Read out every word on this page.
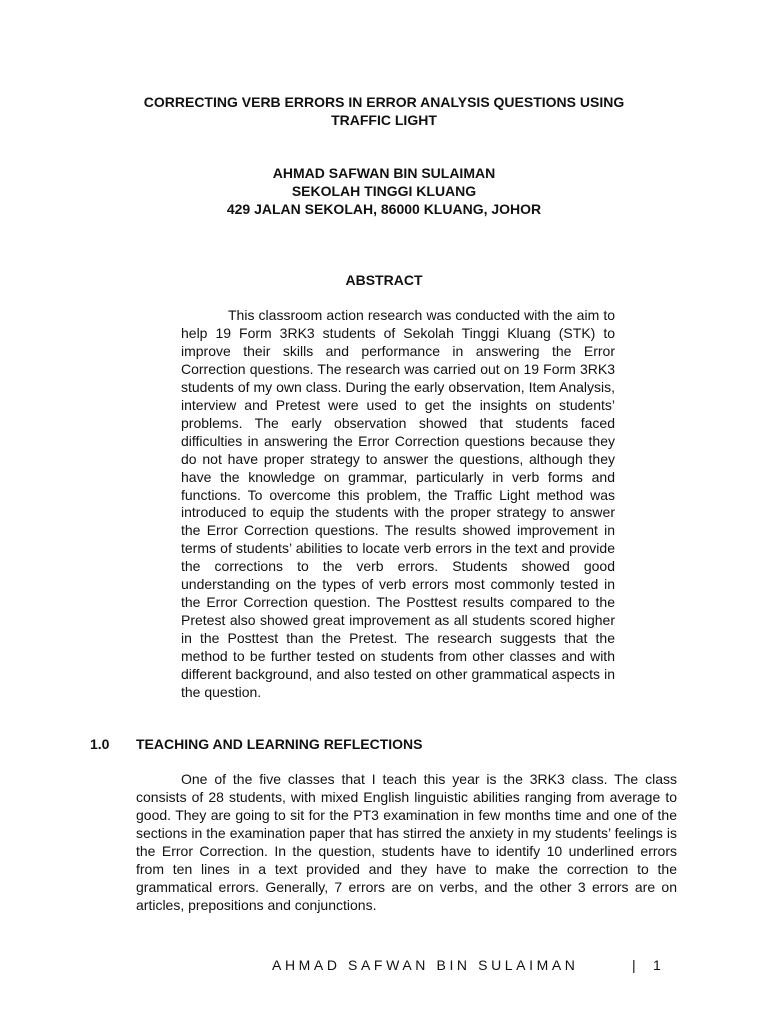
CORRECTING VERB ERRORS IN ERROR ANALYSIS QUESTIONS USING
TRAFFIC LIGHT
AHMAD SAFWAN BIN SULAIMAN
SEKOLAH TINGGI KLUANG
429 JALAN SEKOLAH, 86000 KLUANG, JOHOR
ABSTRACT

This classroom action research was conducted with the aim to help 19 Form 3RK3 students of Sekolah Tinggi Kluang (STK) to improve their skills and performance in answering the Error Correction questions. The research was carried out on 19 Form 3RK3 students of my own class. During the early observation, Item Analysis, interview and Pretest were used to get the insights on students’ problems. The early observation showed that students faced difficulties in answering the Error Correction questions because they do not have proper strategy to answer the questions, although they have the knowledge on grammar, particularly in verb forms and functions. To overcome this problem, the Traffic Light method was introduced to equip the students with the proper strategy to answer the Error Correction questions. The results showed improvement in terms of students’ abilities to locate verb errors in the text and provide the corrections to the verb errors. Students showed good understanding on the types of verb errors most commonly tested in the Error Correction question. The Posttest results compared to the Pretest also showed great improvement as all students scored higher in the Posttest than the Pretest. The research suggests that the method to be further tested on students from other classes and with different background, and also tested on other grammatical aspects in the question.

1.0 TEACHING AND LEARNING REFLECTIONS

One of the five classes that I teach this year is the 3RK3 class. The class consists of 28 students, with mixed English linguistic abilities ranging from average to good. They are going to sit for the PT3 examination in few months time and one of the sections in the examination paper that has stirred the anxiety in my students’ feelings is the Error Correction. In the question, students have to identify 10 underlined errors from ten lines in a text provided and they have to make the correction to the grammatical errors. Generally, 7 errors are on verbs, and the other 3 errors are on articles, prepositions and conjunctions.

AHMAD SAFWAN BIN SULAIMAN	| 1
